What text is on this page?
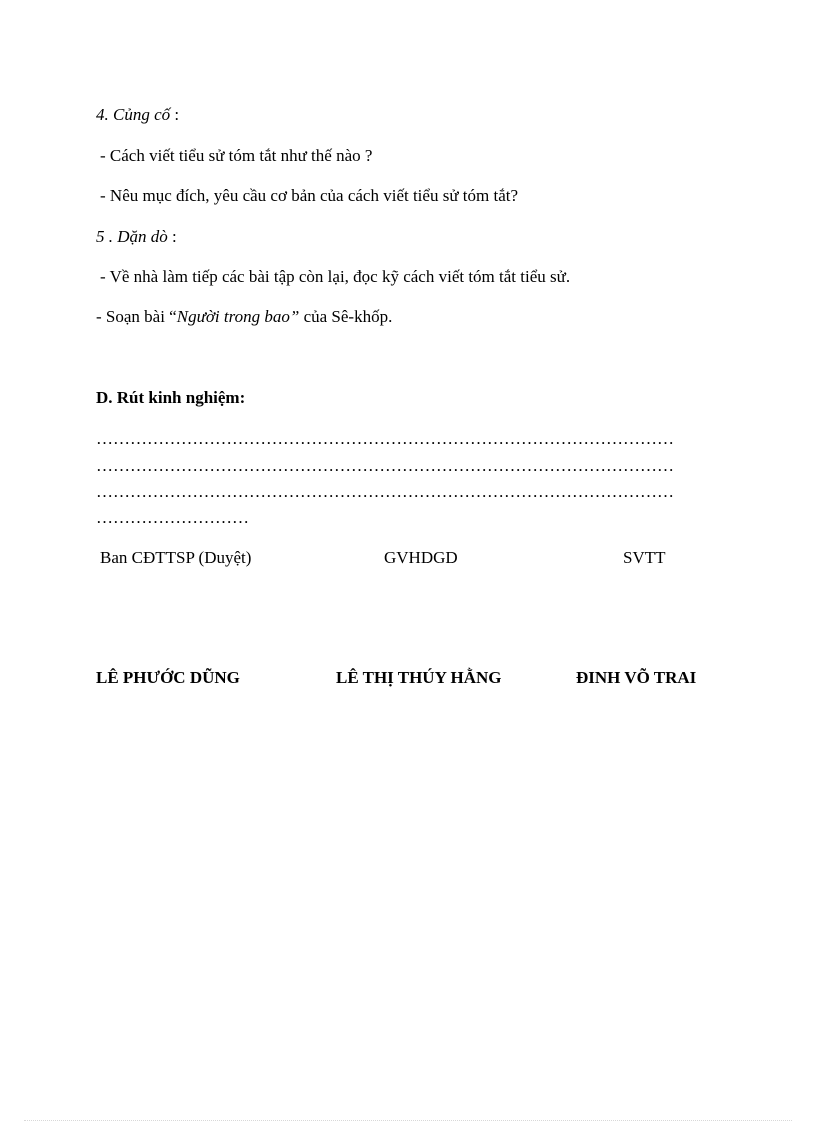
4. Củng cố :
- Cách viết tiểu sử tóm tắt như thế nào ?
- Nêu mục đích, yêu cầu cơ bản của cách viết tiểu sử tóm tắt?
5 . Dặn dò :
- Về nhà làm tiếp các bài tập còn lại, đọc kỹ cách viết tóm tắt tiểu sử.
- Soạn bài “Người trong bao” của Sê-khốp.
D. Rút kinh nghiệm:
…………………………………………………………………………………………
…………………………………………………………………………………………
…………………………………………………………………………………………
………………………
Ban CĐTTSP (Duyệt)	GVHDGD	SVTT
LÊ PHƯỚC DŨNG	LÊ THỊ THÚY HẰNG	ĐINH VÕ TRAI
